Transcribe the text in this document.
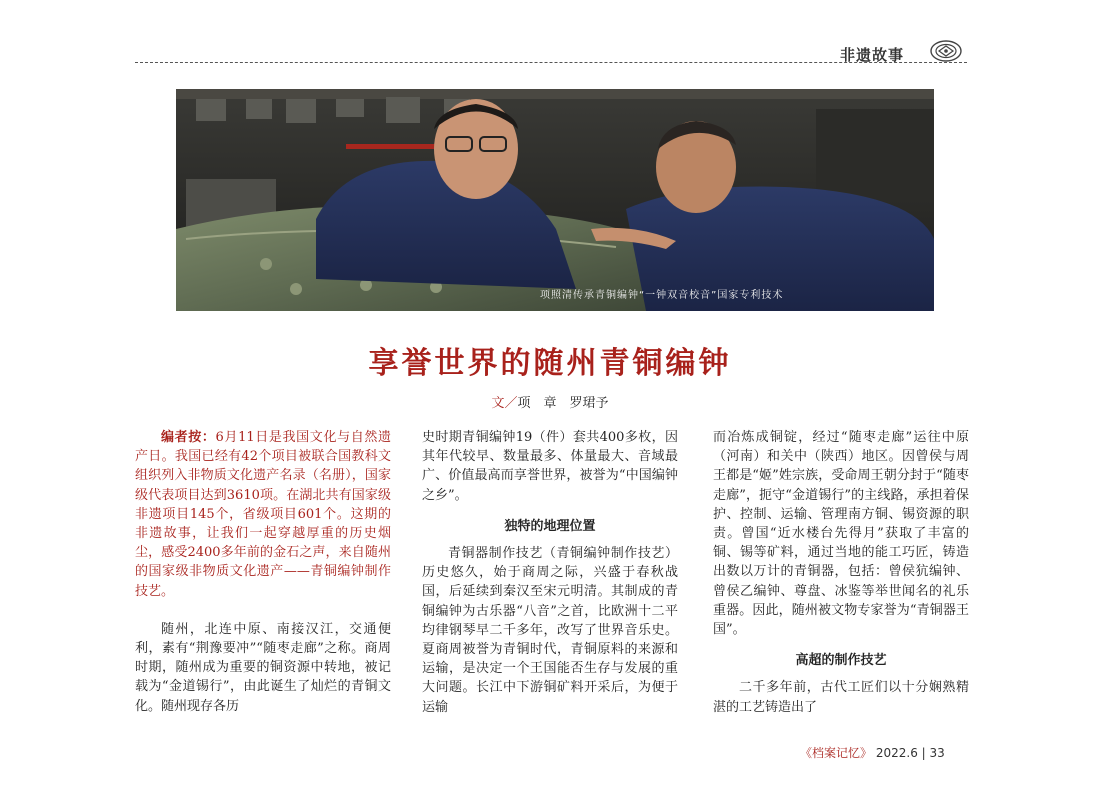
非遗故事
项照清传承青铜编钟“一钟双音校音”国家专利技术
享誉世界的随州青铜编钟
文／项　章　罗珺予

编者按：6月11日是我国文化与自然遗产日。我国已经有42个项目被联合国教科文组织列入非物质文化遗产名录（名册），国家级代表项目达到3610项。在湖北共有国家级非遗项目145个，省级项目601个。这期的非遗故事，让我们一起穿越厚重的历史烟尘，感受2400多年前的金石之声，来自随州的国家级非物质文化遗产——青铜编钟制作技艺。

随州，北连中原、南接汉江，交通便利，素有“荆豫要冲”“随枣走廊”之称。商周时期，随州成为重要的铜资源中转地，被记载为“金道锡行”，由此诞生了灿烂的青铜文化。随州现存各历

史时期青铜编钟19（件）套共400多枚，因其年代较早、数量最多、体量最大、音域最广、价值最高而享誉世界，被誉为“中国编钟之乡”。

独特的地理位置

青铜器制作技艺（青铜编钟制作技艺）历史悠久，始于商周之际，兴盛于春秋战国，后延续到秦汉至宋元明清。其制成的青铜编钟为古乐器“八音”之首，比欧洲十二平均律钢琴早二千多年，改写了世界音乐史。夏商周被誉为青铜时代，青铜原料的来源和运输，是决定一个王国能否生存与发展的重大问题。长江中下游铜矿料开采后，为便于运输

而冶炼成铜锭，经过“随枣走廊”运往中原（河南）和关中（陕西）地区。因曾侯与周王都是“姬”姓宗族，受命周王朝分封于“随枣走廊”，扼守“金道锡行”的主线路，承担着保护、控制、运输、管理南方铜、锡资源的职责。曾国“近水楼台先得月”获取了丰富的铜、锡等矿料，通过当地的能工巧匠，铸造出数以万计的青铜器，包括：曾侯犺编钟、曾侯乙编钟、尊盘、冰鉴等举世闻名的礼乐重器。因此，随州被文物专家誉为“青铜器王国”。

高超的制作技艺

二千多年前，古代工匠们以十分娴熟精湛的工艺铸造出了

《档案记忆》 2022.6 | 33
